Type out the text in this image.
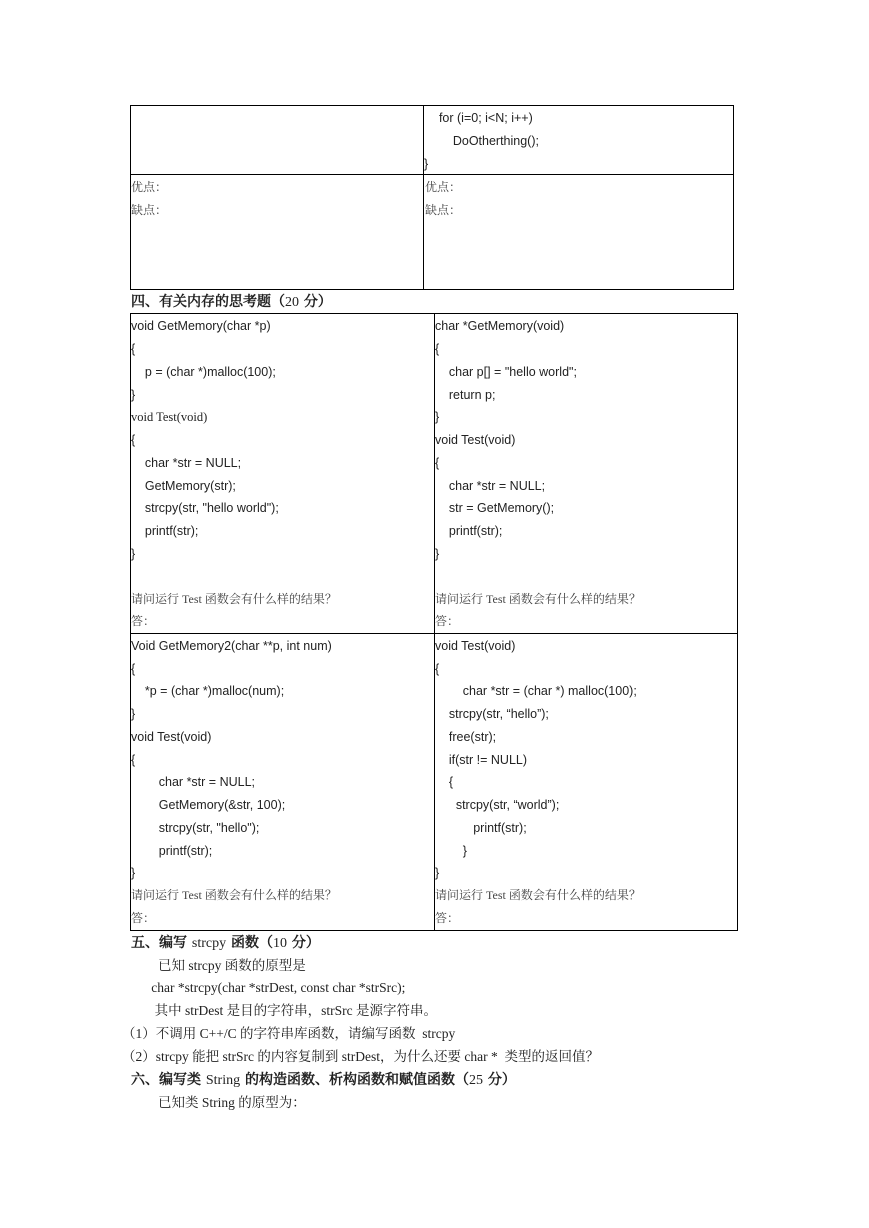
for (i=0; i<N; i++)
DoOtherthing();
}
优点：
缺点：
优点：
缺点：
四、有关内存的思考题（20 分）
void GetMemory(char *p)
{
p = (char *)malloc(100);
}
void Test(void)
{
char *str = NULL;
GetMemory(str);
strcpy(str, "hello world");
printf(str);
}
请问运行 Test 函数会有什么样的结果？
答：
char *GetMemory(void)
{
char p[] = "hello world";
return p;
}
void Test(void)
{
char *str = NULL;
str = GetMemory();
printf(str);
}
请问运行 Test 函数会有什么样的结果？
答：
Void GetMemory2(char **p, int num)
{
*p = (char *)malloc(num);
}
void Test(void)
{
char *str = NULL;
GetMemory(&str, 100);
strcpy(str, "hello");
printf(str);
}
请问运行 Test 函数会有什么样的结果？
答：
void Test(void)
{
char *str = (char *) malloc(100);
strcpy(str, “hello”);
free(str);
if(str != NULL)
{
strcpy(str, “world”);
printf(str);
}
}
请问运行 Test 函数会有什么样的结果？
答：
五、编写 strcpy 函数（10 分）
已知 strcpy 函数的原型是
char *strcpy(char *strDest, const char *strSrc);
其中 strDest 是目的字符串，strSrc 是源字符串。
（1）不调用 C++/C 的字符串库函数，请编写函数  strcpy
（2）strcpy 能把 strSrc 的内容复制到 strDest，为什么还要 char *  类型的返回值？
六、编写类 String 的构造函数、析构函数和赋值函数（25 分）
已知类 String 的原型为：
